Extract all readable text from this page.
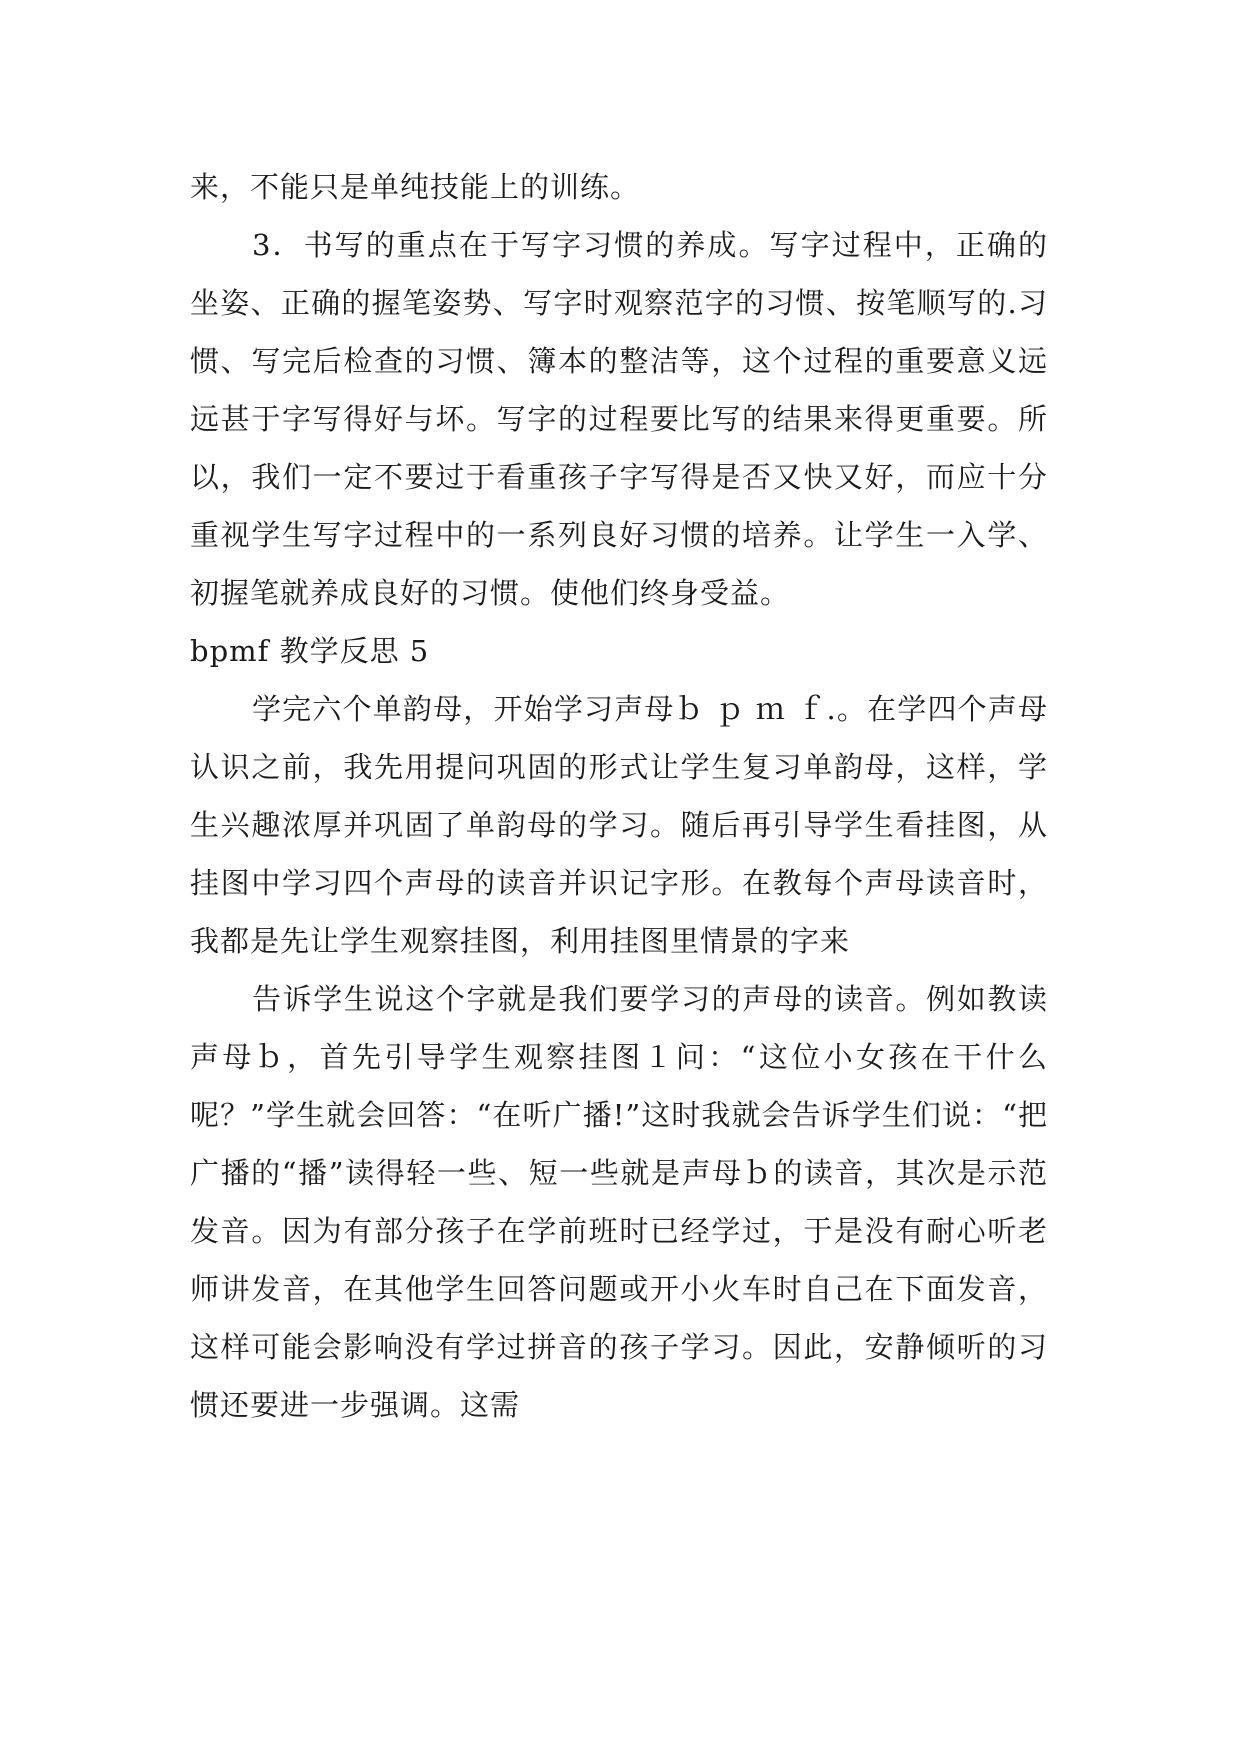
来，不能只是单纯技能上的训练。

3．书写的重点在于写字习惯的养成。写字过程中，正确的坐姿、正确的握笔姿势、写字时观察范字的习惯、按笔顺写的.习惯、写完后检查的习惯、簿本的整洁等，这个过程的重要意义远远甚于字写得好与坏。写字的过程要比写的结果来得更重要。所以，我们一定不要过于看重孩子字写得是否又快又好，而应十分重视学生写字过程中的一系列良好习惯的培养。让学生一入学、初握笔就养成良好的习惯。使他们终身受益。

bpmf 教学反思 5

学完六个单韵母，开始学习声母ｂ ｐ ｍ ｆ.。在学四个声母认识之前，我先用提问巩固的形式让学生复习单韵母，这样，学生兴趣浓厚并巩固了单韵母的学习。随后再引导学生看挂图，从挂图中学习四个声母的读音并识记字形。在教每个声母读音时，我都是先让学生观察挂图，利用挂图里情景的字来

告诉学生说这个字就是我们要学习的声母的读音。例如教读声母ｂ，首先引导学生观察挂图１问：“这位小女孩在干什么呢？”学生就会回答：“在听广播!”这时我就会告诉学生们说：“把广播的“播”读得轻一些、短一些就是声母ｂ的读音，其次是示范发音。因为有部分孩子在学前班时已经学过，于是没有耐心听老师讲发音，在其他学生回答问题或开小火车时自己在下面发音，这样可能会影响没有学过拼音的孩子学习。因此，安静倾听的习惯还要进一步强调。这需
